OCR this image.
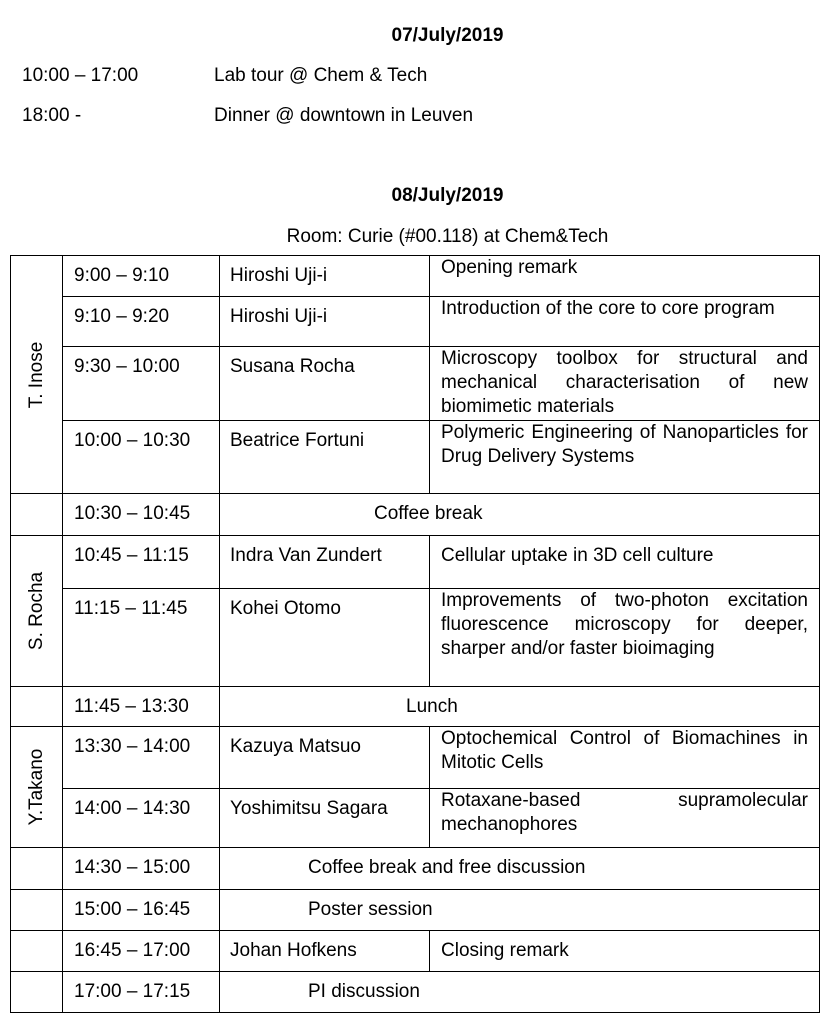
07/July/2019
10:00 – 17:00	Lab tour @ Chem & Tech
18:00 -	Dinner @ downtown in Leuven
08/July/2019
Room: Curie (#00.118) at Chem&Tech
T. Inose	9:00 – 9:10	Hiroshi Uji-i	Opening remark
	9:10 – 9:20	Hiroshi Uji-i	Introduction of the core to core program
	9:30 – 10:00	Susana Rocha	Microscopy toolbox for structural and mechanical characterisation of new biomimetic materials
	10:00 – 10:30	Beatrice Fortuni	Polymeric Engineering of Nanoparticles for Drug Delivery Systems
	10:30 – 10:45	Coffee break	

S. Rocha	10:45 – 11:15	Indra Van Zundert	Cellular uptake in 3D cell culture
	11:15 – 11:45	Kohei Otomo	Improvements of two-photon excitation fluorescence microscopy for deeper, sharper and/or faster bioimaging
	11:45 – 13:30	Lunch	

Y.Takano	13:30 – 14:00	Kazuya Matsuo	Optochemical Control of Biomachines in Mitotic Cells
	14:00 – 14:30	Yoshimitsu Sagara	Rotaxane-based supramolecular mechanophores
	14:30 – 15:00	Coffee break and free discussion	
	15:00 – 16:45	Poster session	
	16:45 – 17:00	Johan Hofkens	Closing remark
	17:00 – 17:15	PI discussion	
